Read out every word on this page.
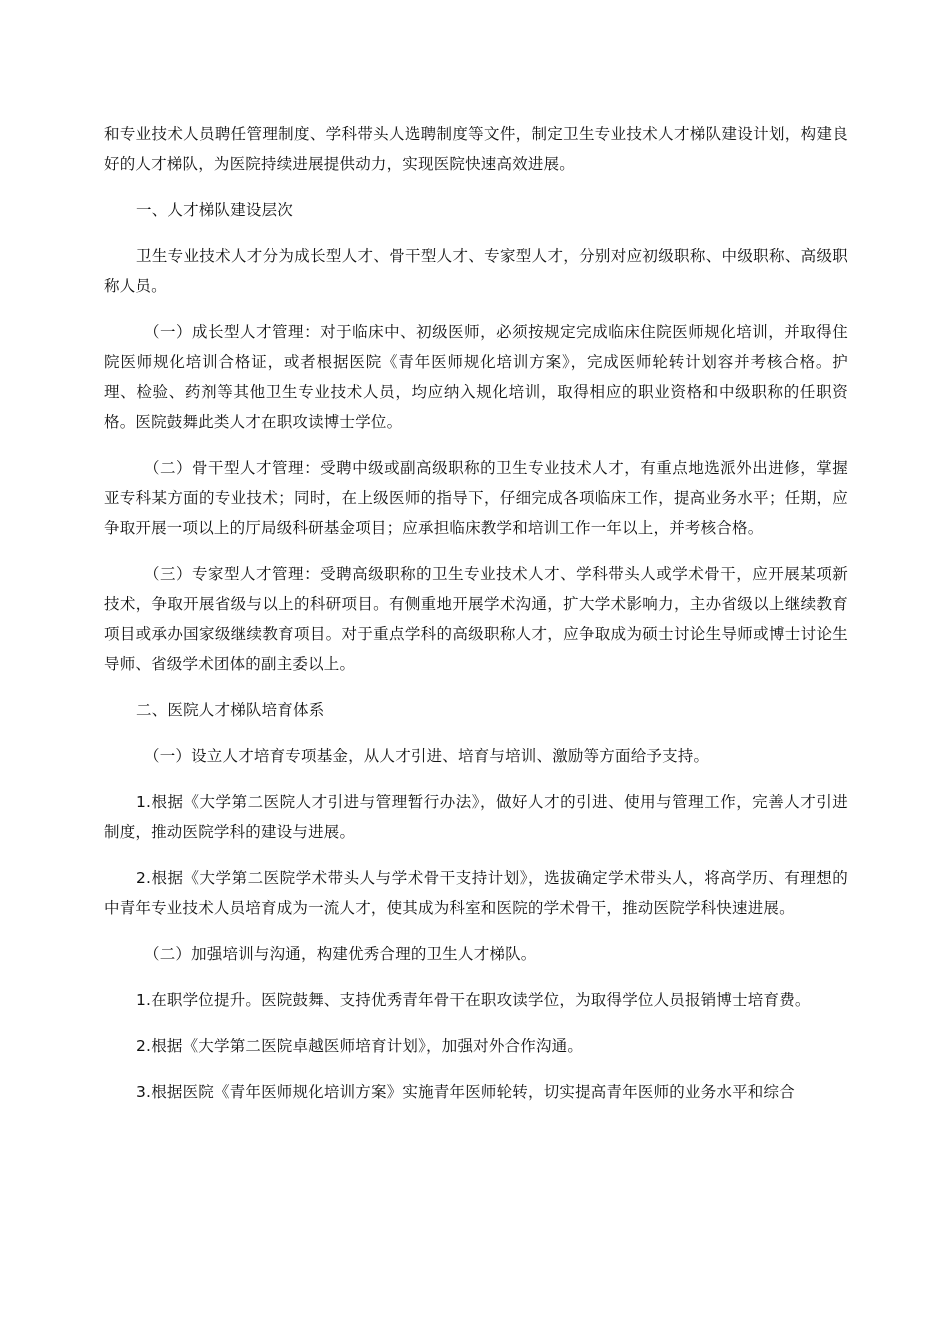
和专业技术人员聘任管理制度、学科带头人选聘制度等文件，制定卫生专业技术人才梯队建设计划，构建良好的人才梯队，为医院持续进展提供动力，实现医院快速高效进展。

一、人才梯队建设层次

卫生专业技术人才分为成长型人才、骨干型人才、专家型人才，分别对应初级职称、中级职称、高级职称人员。

（一）成长型人才管理：对于临床中、初级医师，必须按规定完成临床住院医师规化培训，并取得住院医师规化培训合格证，或者根据医院《青年医师规化培训方案》，完成医师轮转计划容并考核合格。护理、检验、药剂等其他卫生专业技术人员，均应纳入规化培训，取得相应的职业资格和中级职称的任职资格。医院鼓舞此类人才在职攻读博士学位。

（二）骨干型人才管理：受聘中级或副高级职称的卫生专业技术人才，有重点地选派外出进修，掌握亚专科某方面的专业技术；同时，在上级医师的指导下，仔细完成各项临床工作，提高业务水平；任期，应争取开展一项以上的厅局级科研基金项目；应承担临床教学和培训工作一年以上，并考核合格。

（三）专家型人才管理：受聘高级职称的卫生专业技术人才、学科带头人或学术骨干，应开展某项新技术，争取开展省级与以上的科研项目。有侧重地开展学术沟通，扩大学术影响力，主办省级以上继续教育项目或承办国家级继续教育项目。对于重点学科的高级职称人才，应争取成为硕士讨论生导师或博士讨论生导师、省级学术团体的副主委以上。

二、医院人才梯队培育体系

（一）设立人才培育专项基金，从人才引进、培育与培训、激励等方面给予支持。

1.根据《大学第二医院人才引进与管理暂行办法》，做好人才的引进、使用与管理工作，完善人才引进制度，推动医院学科的建设与进展。

2.根据《大学第二医院学术带头人与学术骨干支持计划》，选拔确定学术带头人，将高学历、有理想的中青年专业技术人员培育成为一流人才，使其成为科室和医院的学术骨干，推动医院学科快速进展。

（二）加强培训与沟通，构建优秀合理的卫生人才梯队。

1.在职学位提升。医院鼓舞、支持优秀青年骨干在职攻读学位，为取得学位人员报销博士培育费。

2.根据《大学第二医院卓越医师培育计划》，加强对外合作沟通。

3.根据医院《青年医师规化培训方案》实施青年医师轮转，切实提高青年医师的业务水平和综合
